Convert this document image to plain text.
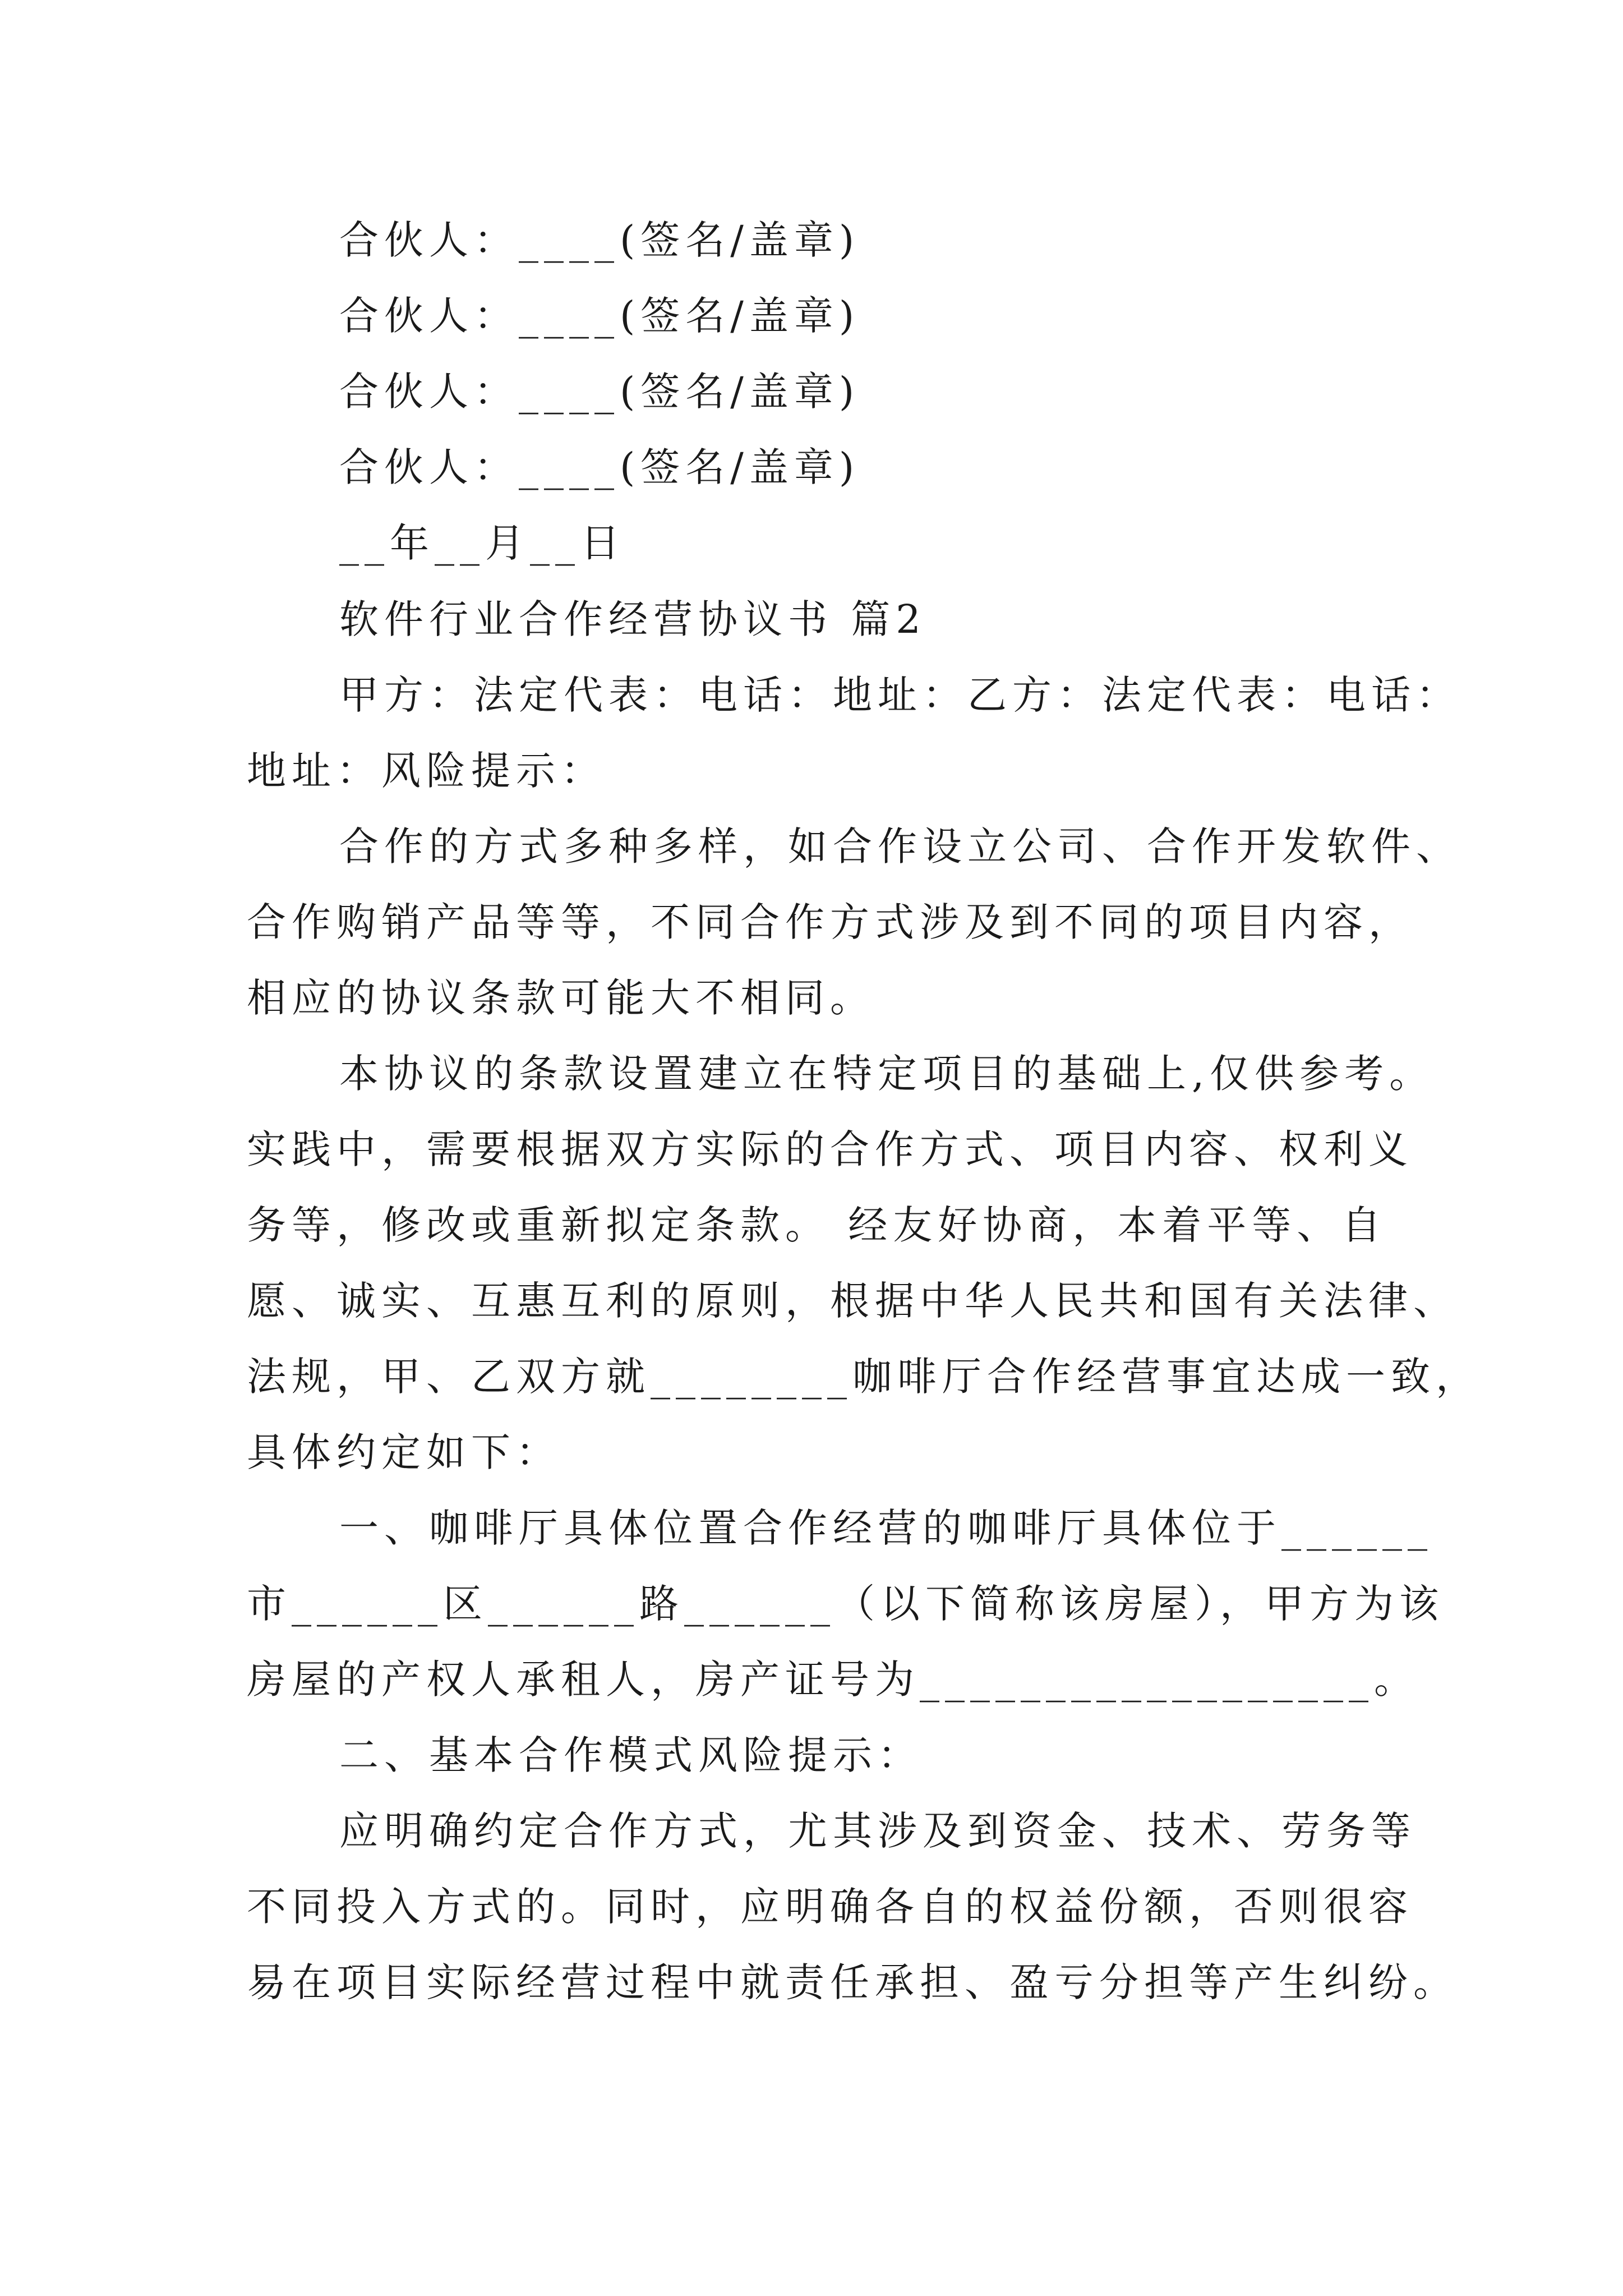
合伙人：____(签名/盖章)
合伙人：____(签名/盖章)
合伙人：____(签名/盖章)
合伙人：____(签名/盖章)
__年__月__日
软件行业合作经营协议书 篇2
甲方：法定代表：电话：地址：乙方：法定代表：电话：
地址：风险提示：
合作的方式多种多样，如合作设立公司、合作开发软件、
合作购销产品等等，不同合作方式涉及到不同的项目内容，
相应的协议条款可能大不相同。
本协议的条款设置建立在特定项目的基础上,仅供参考。
实践中，需要根据双方实际的合作方式、项目内容、权利义
务等，修改或重新拟定条款。 经友好协商，本着平等、自
愿、诚实、互惠互利的原则，根据中华人民共和国有关法律、
法规，甲、乙双方就________咖啡厅合作经营事宜达成一致，
具体约定如下：
一、咖啡厅具体位置合作经营的咖啡厅具体位于______
市______区______路______（以下简称该房屋），甲方为该
房屋的产权人承租人，房产证号为__________________。
二、基本合作模式风险提示：
应明确约定合作方式，尤其涉及到资金、技术、劳务等
不同投入方式的。同时，应明确各自的权益份额，否则很容
易在项目实际经营过程中就责任承担、盈亏分担等产生纠纷。
